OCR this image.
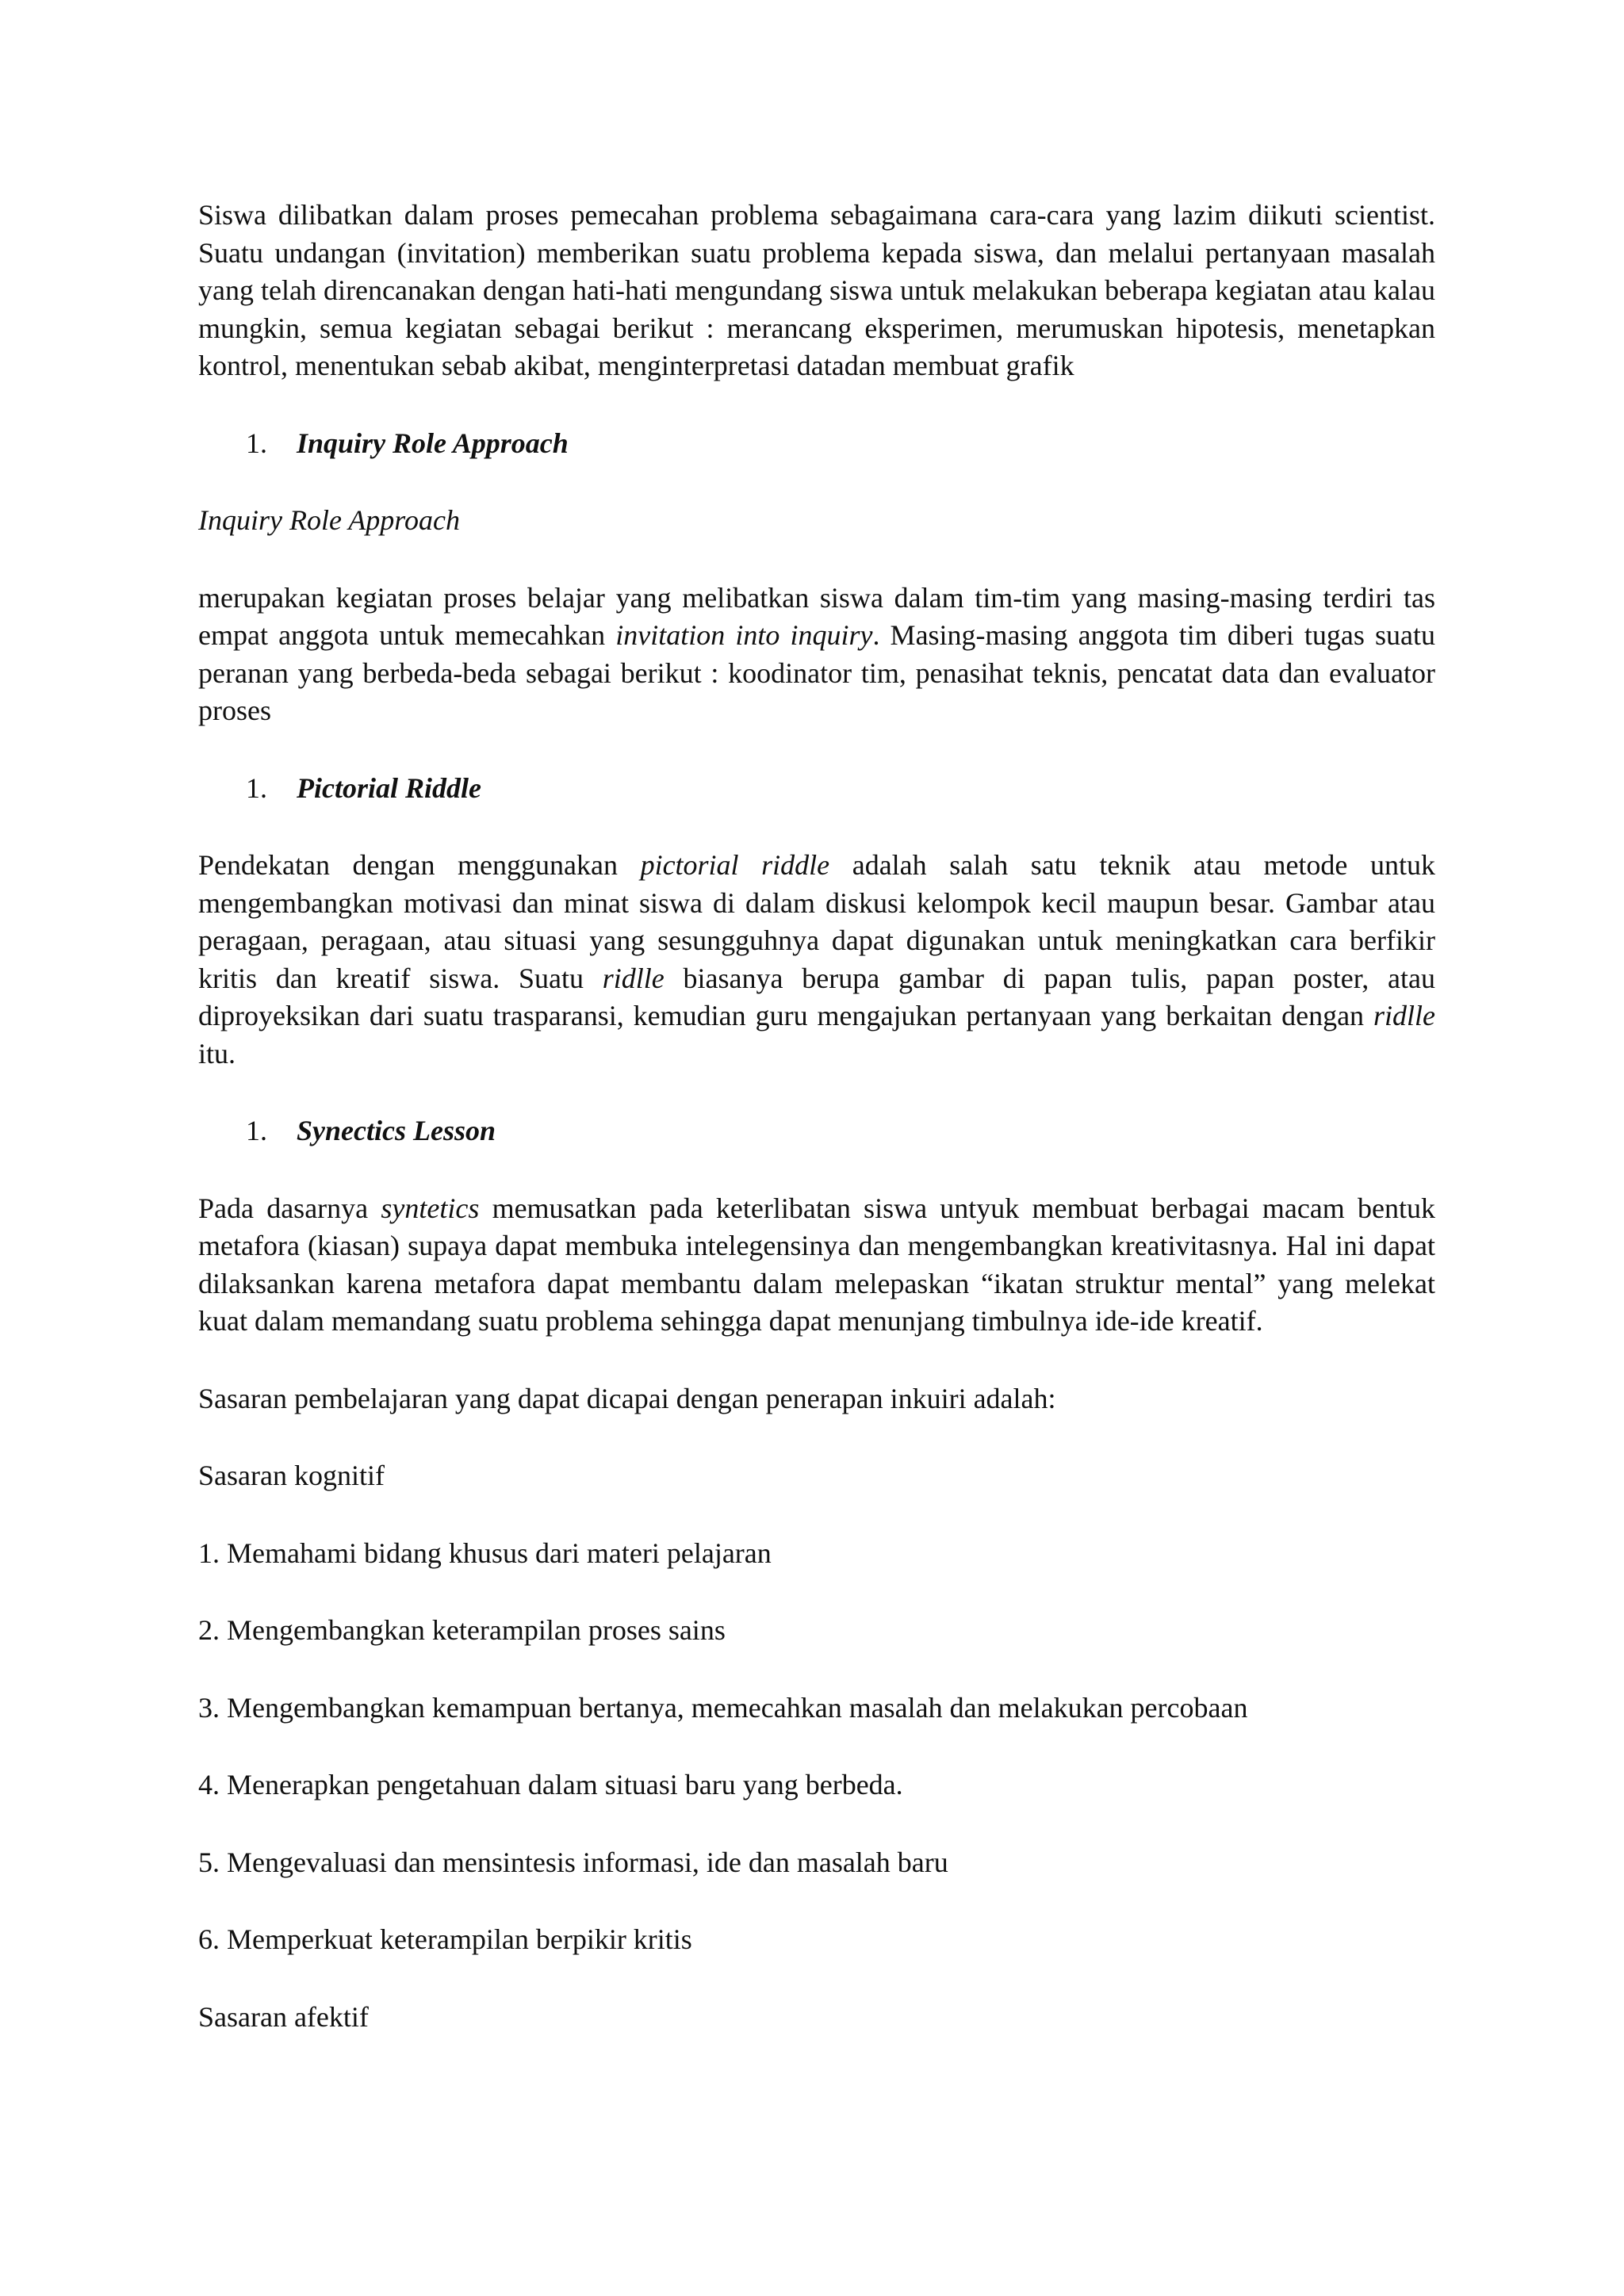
Siswa dilibatkan dalam proses pemecahan problema sebagaimana cara-cara yang lazim diikuti scientist. Suatu undangan (invitation) memberikan suatu problema kepada siswa, dan melalui pertanyaan masalah yang telah direncanakan dengan hati-hati mengundang siswa untuk melakukan beberapa kegiatan atau kalau mungkin, semua kegiatan sebagai berikut : merancang eksperimen, merumuskan hipotesis, menetapkan kontrol, menentukan sebab akibat, menginterpretasi datadan membuat grafik

1. Inquiry Role Approach

Inquiry Role Approach

merupakan kegiatan proses belajar yang melibatkan siswa dalam tim-tim yang masing-masing terdiri tas empat anggota untuk memecahkan invitation into inquiry. Masing-masing anggota tim diberi tugas suatu peranan yang berbeda-beda sebagai berikut : koodinator tim, penasihat teknis, pencatat data dan evaluator proses

1. Pictorial Riddle

Pendekatan dengan menggunakan pictorial riddle adalah salah satu teknik atau metode untuk mengembangkan motivasi dan minat siswa di dalam diskusi kelompok kecil maupun besar. Gambar atau peragaan, peragaan, atau situasi yang sesungguhnya dapat digunakan untuk meningkatkan cara berfikir kritis dan kreatif siswa. Suatu ridlle biasanya berupa gambar di papan tulis, papan poster, atau diproyeksikan dari suatu trasparansi, kemudian guru mengajukan pertanyaan yang berkaitan dengan ridlle itu.

1. Synectics Lesson

Pada dasarnya syntetics memusatkan pada keterlibatan siswa untyuk membuat berbagai macam bentuk metafora (kiasan) supaya dapat membuka intelegensinya dan mengembangkan kreativitasnya. Hal ini dapat dilaksankan karena metafora dapat membantu dalam melepaskan “ikatan struktur mental” yang melekat kuat dalam memandang suatu problema sehingga dapat menunjang timbulnya ide-ide kreatif.

Sasaran pembelajaran yang dapat dicapai dengan penerapan inkuiri adalah:

Sasaran kognitif

1. Memahami bidang khusus dari materi pelajaran

2. Mengembangkan keterampilan proses sains

3. Mengembangkan kemampuan bertanya, memecahkan masalah dan melakukan percobaan

4. Menerapkan pengetahuan dalam situasi baru yang berbeda.

5. Mengevaluasi dan mensintesis informasi, ide dan masalah baru

6. Memperkuat keterampilan berpikir kritis

Sasaran afektif
